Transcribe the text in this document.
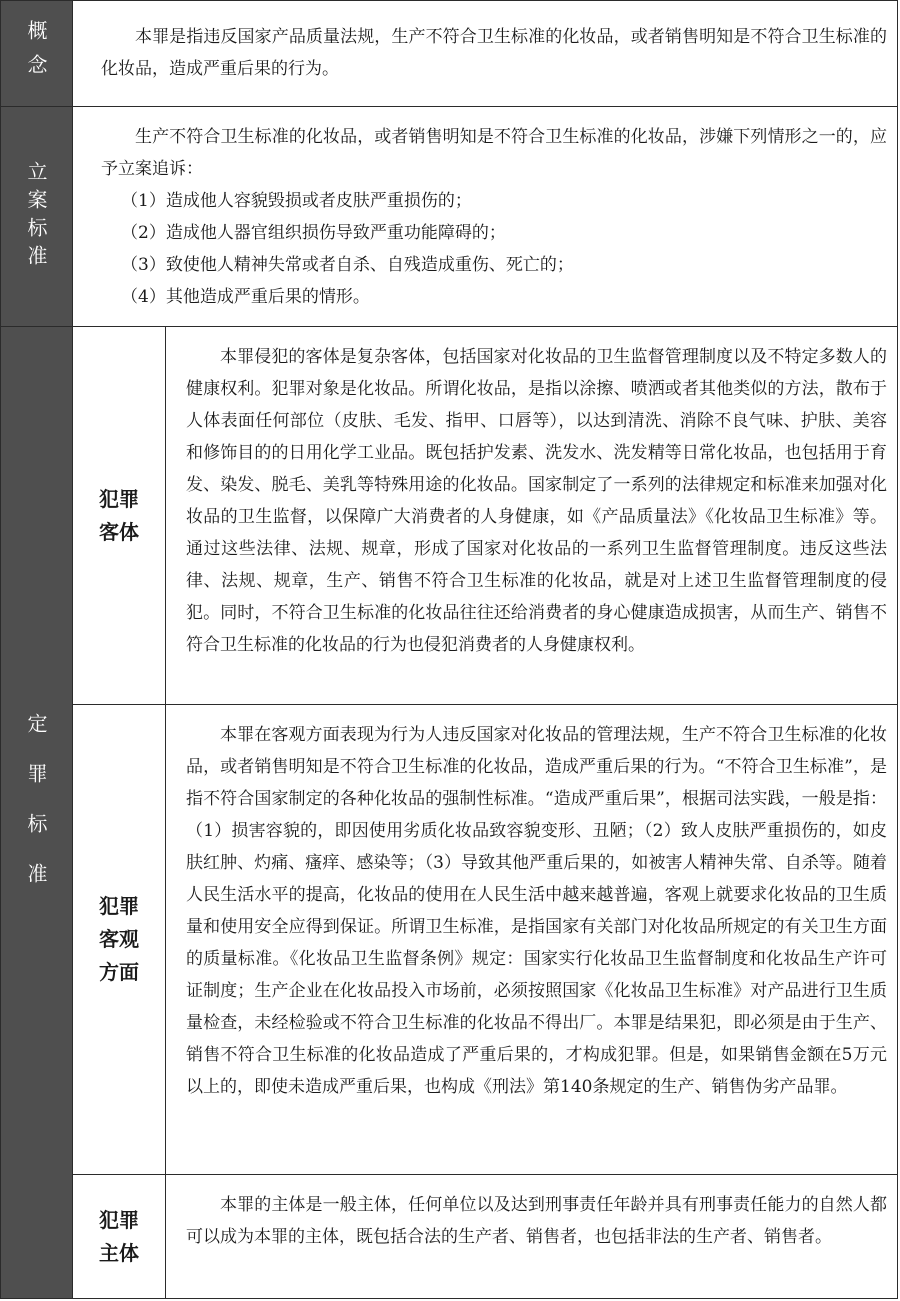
概念	本罪是指违反国家产品质量法规，生产不符合卫生标准的化妆品，或者销售明知是不符合卫生标准的化妆品，造成严重后果的行为。

立案标准

生产不符合卫生标准的化妆品，或者销售明知是不符合卫生标准的化妆品，涉嫌下列情形之一的，应予立案追诉：

（1）造成他人容貌毁损或者皮肤严重损伤的；
（2）造成他人器官组织损伤导致严重功能障碍的；
（3）致使他人精神失常或者自杀、自残造成重伤、死亡的；
（4）其他造成严重后果的情形。
定罪标准
犯罪
客体

本罪侵犯的客体是复杂客体，包括国家对化妆品的卫生监督管理制度以及不特定多数人的健康权利。犯罪对象是化妆品。所谓化妆品，是指以涂擦、喷洒或者其他类似的方法，散布于人体表面任何部位（皮肤、毛发、指甲、口唇等），以达到清洗、消除不良气味、护肤、美容和修饰目的的日用化学工业品。既包括护发素、洗发水、洗发精等日常化妆品，也包括用于育发、染发、脱毛、美乳等特殊用途的化妆品。国家制定了一系列的法律规定和标准来加强对化妆品的卫生监督，以保障广大消费者的人身健康，如《产品质量法》《化妆品卫生标准》等。通过这些法律、法规、规章，形成了国家对化妆品的一系列卫生监督管理制度。违反这些法律、法规、规章，生产、销售不符合卫生标准的化妆品，就是对上述卫生监督管理制度的侵犯。同时，不符合卫生标准的化妆品往往还给消费者的身心健康造成损害，从而生产、销售不符合卫生标准的化妆品的行为也侵犯消费者的人身健康权利。

犯罪
客观
方面

本罪在客观方面表现为行为人违反国家对化妆品的管理法规，生产不符合卫生标准的化妆品，或者销售明知是不符合卫生标准的化妆品，造成严重后果的行为。“不符合卫生标准”，是指不符合国家制定的各种化妆品的强制性标准。“造成严重后果”，根据司法实践，一般是指：（1）损害容貌的，即因使用劣质化妆品致容貌变形、丑陋；（2）致人皮肤严重损伤的，如皮肤红肿、灼痛、瘙痒、感染等；（3）导致其他严重后果的，如被害人精神失常、自杀等。随着人民生活水平的提高，化妆品的使用在人民生活中越来越普遍，客观上就要求化妆品的卫生质量和使用安全应得到保证。所谓卫生标准，是指国家有关部门对化妆品所规定的有关卫生方面的质量标准。《化妆品卫生监督条例》规定：国家实行化妆品卫生监督制度和化妆品生产许可证制度；生产企业在化妆品投入市场前，必须按照国家《化妆品卫生标准》对产品进行卫生质量检查，未经检验或不符合卫生标准的化妆品不得出厂。本罪是结果犯，即必须是由于生产、销售不符合卫生标准的化妆品造成了严重后果的，才构成犯罪。但是，如果销售金额在5万元以上的，即使未造成严重后果，也构成《刑法》第140条规定的生产、销售伪劣产品罪。

犯罪
主体

本罪的主体是一般主体，任何单位以及达到刑事责任年龄并具有刑事责任能力的自然人都可以成为本罪的主体，既包括合法的生产者、销售者，也包括非法的生产者、销售者。
